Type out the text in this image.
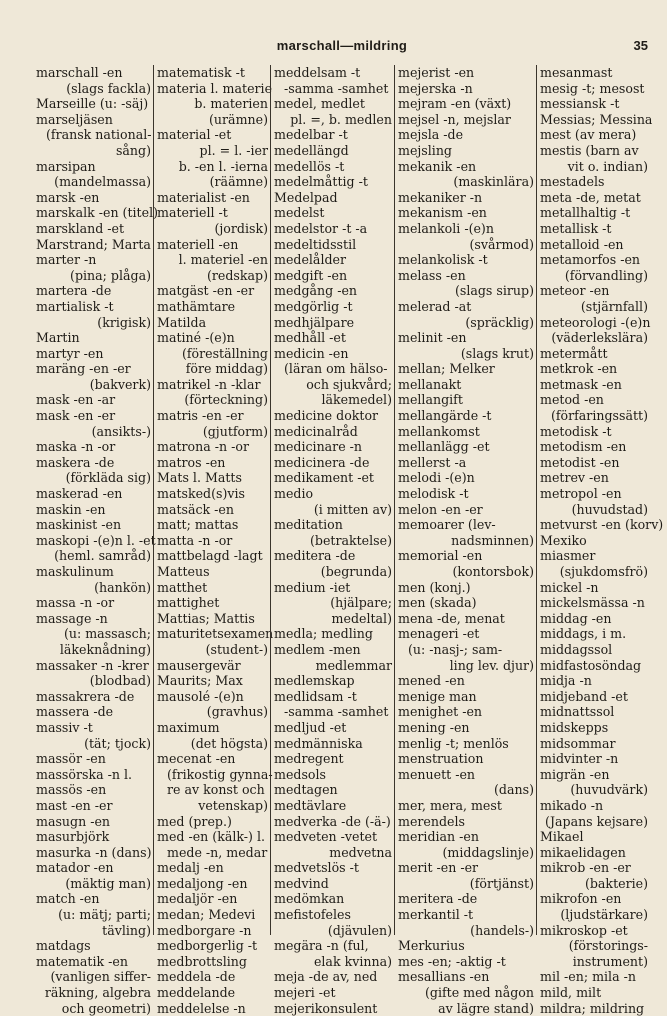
marschall—mildring	35
marschall -en
(slags fackla)
Marseille (u: -säj)
marseljäsen
(fransk national-
sång)
marsipan
(mandelmassa)
marsk -en
marskalk -en (titel)
marskland -et
Marstrand; Marta
marter -n
(pina; plåga)
martera -de
martialisk -t
(krigisk)
Martin
martyr -en
maräng -en -er
(bakverk)
mask -en -ar
mask -en -er
(ansikts-)
maska -n -or
maskera -de
(förkläda sig)
maskerad -en
maskin -en
maskinist -en
maskopi -(e)n l. -et
(heml. samråd)
maskulinum
(hankön)
massa -n -or
massage -n
(u: massasch;
läkeknådning)
massaker -n -krer
(blodbad)
massakrera -de
massera -de
massiv -t
(tät; tjock)
massör -en
massörska -n l.
massös -en
mast -en -er
masugn -en
masurbjörk
masurka -n (dans)
matador -en
(mäktig man)
match -en
(u: mätj; parti;
tävling)
matdags
matematik -en
(vanligen siffer-
räkning, algebra
och geometri)
matematisk -t
materia l. materie
b. materien
(urämne)
material -et
pl. = l. -ier
b. -en l. -ierna
(räämne)
materialist -en
materiell -t
(jordisk)
materiell -en
l. materiel -en
(redskap)
matgäst -en -er
mathämtare
Matilda
matiné -(e)n
(föreställning
före middag)
matrikel -n -klar
(förteckning)
matris -en -er
(gjutform)
matrona -n -or
matros -en
Mats l. Matts
matsked(s)vis
matsäck -en
matt; mattas
matta -n -or
mattbelagd -lagt
Matteus
matthet
mattighet
Mattias; Mattis
maturitetsexamen
(student-)
mausergevär
Maurits; Max
mausolé -(e)n
(gravhus)
maximum
(det högsta)
mecenat -en
(frikostig gynna-
re av konst och
vetenskap)
med (prep.)
med -en (kälk-) l.
mede -n, medar
medalj -en
medaljong -en
medaljör -en
medan; Medevi
medborgare -n
medborgerlig -t
medbrottsling
meddela -de
meddelande
meddelelse -n
meddelsam -t
-samma -samhet
medel, medlet
pl. =, b. medlen
medelbar -t
medellängd
medellös -t
medelmåttig -t
Medelpad
medelst
medelstor -t -a
medeltidsstil
medelålder
medgift -en
medgång -en
medgörlig -t
medhjälpare
medhåll -et
medicin -en
(läran om hälso-
och sjukvård;
läkemedel)
medicine doktor
medicinalråd
medicinare -n
medicinera -de
medikament -et
medio
(i mitten av)
meditation
(betraktelse)
meditera -de
(begrunda)
medium -iet
(hjälpare;
medeltal)
medla; medling
medlem -men
medlemmar
medlemskap
medlidsam -t
-samma -samhet
medljud -et
medmänniska
medregent
medsols
medtagen
medtävlare
medverka -de (-ä-)
medveten -vetet
medvetna
medvetslös -t
medvind
medömkan
mefistofeles
(djävulen)
megära -n (ful,
elak kvinna)
meja -de av, ned
mejeri -et
mejerikonsulent
mejerist -en
mejerska -n
mejram -en (växt)
mejsel -n, mejslar
mejsla -de
mejsling
mekanik -en
(maskinlära)
mekaniker -n
mekanism -en
melankoli -(e)n
(svårmod)
melankolisk -t
melass -en
(slags sirup)
melerad -at
(spräcklig)
melinit -en
(slags krut)
mellan; Melker
mellanakt
mellangift
mellangärde -t
mellankomst
mellanlägg -et
mellerst -a
melodi -(e)n
melodisk -t
melon -en -er
memoarer (lev-
nadsminnen)
memorial -en
(kontorsbok)
men (konj.)
men (skada)
mena -de, menat
menageri -et
(u: -nasj-; sam-
ling lev. djur)
mened -en
menige man
menighet -en
mening -en
menlig -t; menlös
menstruation
menuett -en
(dans)
mer, mera, mest
merendels
meridian -en
(middagslinje)
merit -en -er
(förtjänst)
meritera -de
merkantil -t
(handels-)
Merkurius
mes -en; -aktig -t
mesallians -en
(gifte med någon
av lägre stand)
mesanmast
mesig -t; mesost
messiansk -t
Messias; Messina
mest (av mera)
mestis (barn av
vit o. indian)
mestadels
meta -de, metat
metallhaltig -t
metallisk -t
metalloid -en
metamorfos -en
(förvandling)
meteor -en
(stjärnfall)
meteorologi -(e)n
(väderlekslära)
metermått
metkrok -en
metmask -en
metod -en
(förfaringssätt)
metodisk -t
metodism -en
metodist -en
metrev -en
metropol -en
(huvudstad)
metvurst -en (korv)
Mexiko
miasmer
(sjukdomsfrö)
mickel -n
mickelsmässa -n
middag -en
middags, i m.
middagssol
midfastosöndag
midja -n
midjeband -et
midnattssol
midskepps
midsommar
midvinter -n
migrän -en
(huvudvärk)
mikado -n
(Japans kejsare)
Mikael
mikaelidagen
mikrob -en -er
(bakterie)
mikrofon -en
(ljudstärkare)
mikroskop -et
(förstorings-
instrument)
mil -en; mila -n
mild, milt
mildra; mildring
